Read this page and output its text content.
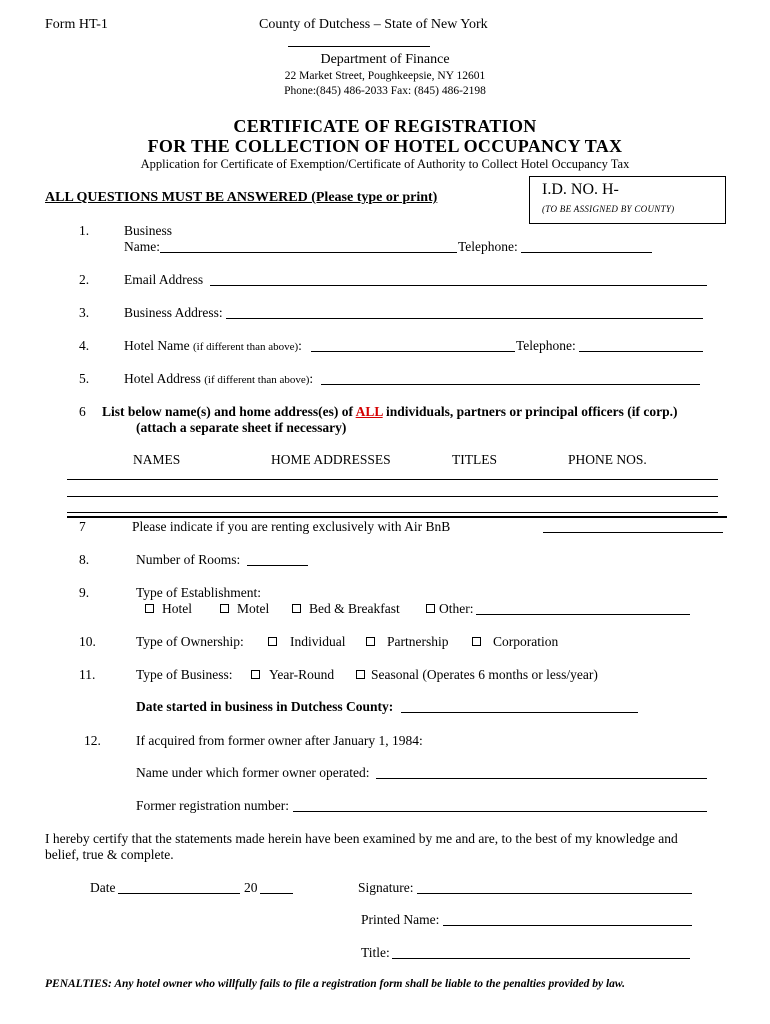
Form HT-1	County of Dutchess – State of New York
Department of Finance
22 Market Street, Poughkeepsie, NY 12601
Phone:(845) 486-2033 Fax: (845) 486-2198
CERTIFICATE OF REGISTRATION
FOR THE COLLECTION OF HOTEL OCCUPANCY TAX
Application for Certificate of Exemption/Certificate of Authority to Collect Hotel Occupancy Tax
ALL QUESTIONS MUST BE ANSWERED (Please type or print)	I.D. NO. H-
(TO BE ASSIGNED BY COUNTY)
1.	Business
Name:	Telephone:
2.	Email Address
3.	Business Address:
4.	Hotel Name (if different than above):	Telephone:
5.	Hotel Address (if different than above):
6 List below name(s) and home address(es) of ALL individuals, partners or principal officers (if corp.)
(attach a separate sheet if necessary)
NAMES	HOME ADDRESSES	TITLES	PHONE NOS.
7	Please indicate if you are renting exclusively with Air BnB
8.	Number of Rooms:
9.	Type of Establishment:
Hotel	Motel	Bed & Breakfast	Other:
10.	Type of Ownership:	Individual	Partnership	Corporation
11.	Type of Business:	Year-Round	Seasonal (Operates 6 months or less/year)
Date started in business in Dutchess County:
12.	If acquired from former owner after January 1, 1984:
Name under which former owner operated:
Former registration number:
I hereby certify that the statements made herein have been examined by me and are, to the best of my knowledge and
belief, true & complete.
Date	20	Signature:
Printed Name:
Title:
PENALTIES: Any hotel owner who willfully fails to file a registration form shall be liable to the penalties provided by law.
